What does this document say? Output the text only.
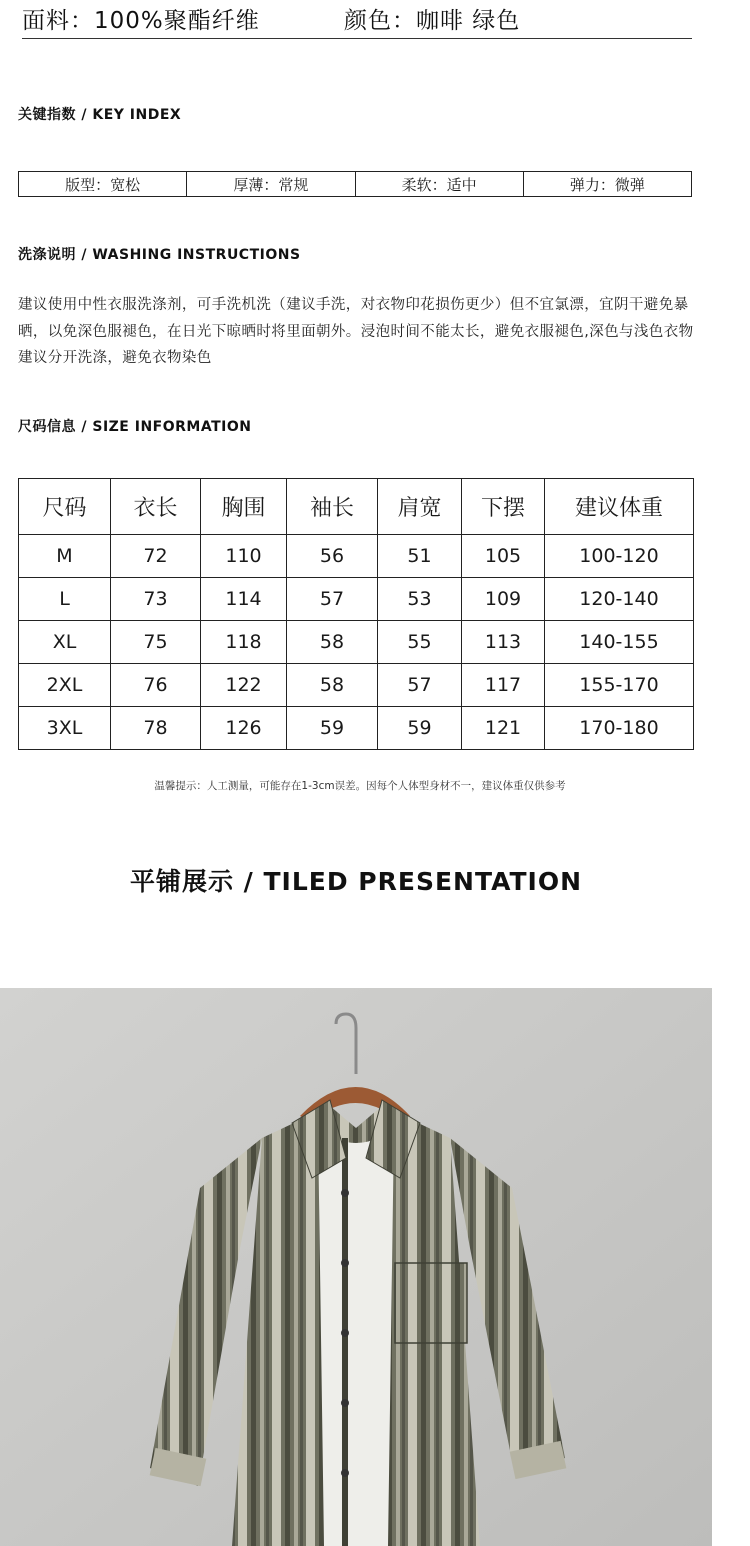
面料：100%聚酯纤维	颜色：咖啡 绿色
关键指数 / KEY INDEX
版型：宽松	厚薄：常规	柔软：适中	弹力：微弹
洗涤说明 / WASHING INSTRUCTIONS
建议使用中性衣服洗涤剂，可手洗机洗（建议手洗，对衣物印花损伤更少）但不宜氯漂，宜阴干避免暴晒，以免深色服褪色，在日光下晾晒时将里面朝外。浸泡时间不能太长，避免衣服褪色,深色与浅色衣物建议分开洗涤，避免衣物染色
尺码信息 / SIZE INFORMATION
尺码	衣长	胸围	袖长	肩宽	下摆	建议体重
M	72	110	56	51	105	100-120
L	73	114	57	53	109	120-140
XL	75	118	58	55	113	140-155
2XL	76	122	58	57	117	155-170
3XL	78	126	59	59	121	170-180
温馨提示：人工测量，可能存在1-3cm误差。因每个人体型身材不一，建议体重仅供参考
平铺展示 / TILED PRESENTATION
